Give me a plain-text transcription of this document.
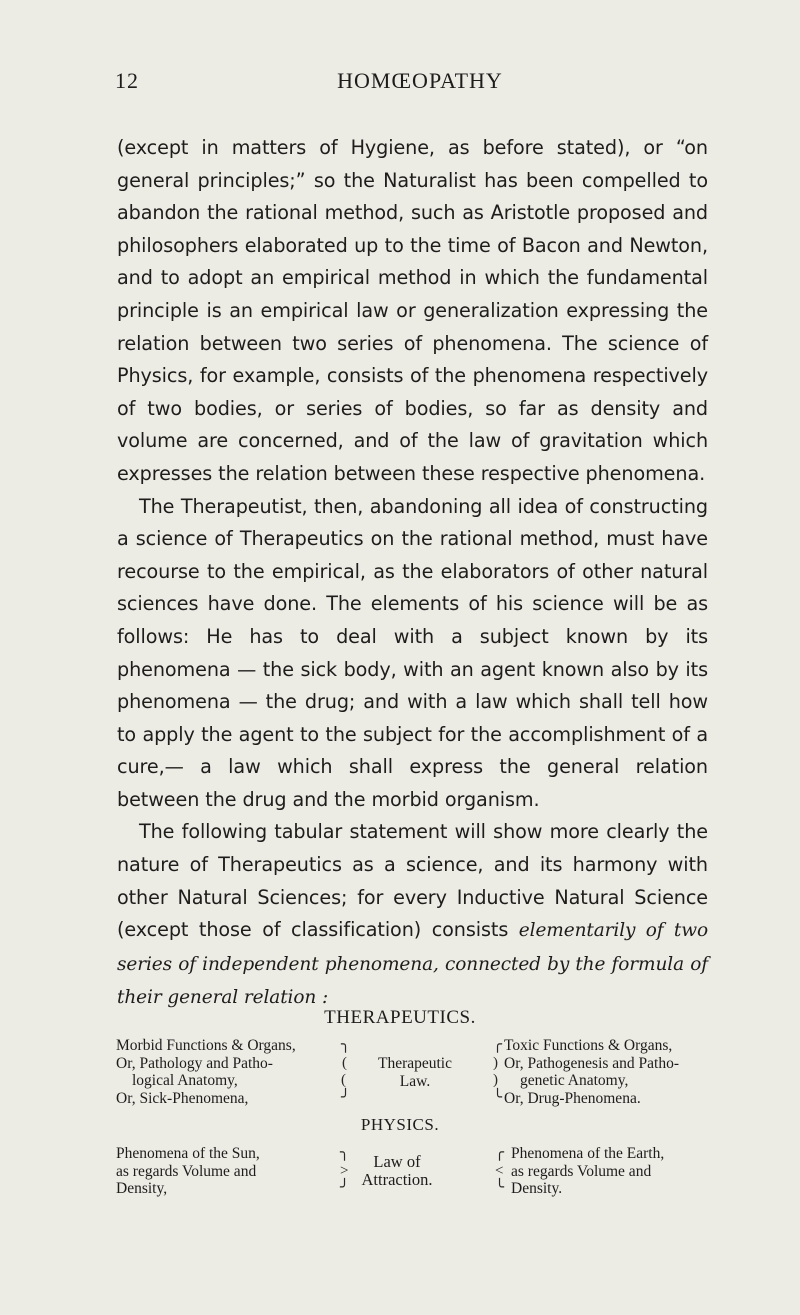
12	HOMŒOPATHY

(except in matters of Hygiene, as before stated), or “on general principles;” so the Naturalist has been compelled to abandon the rational method, such as Aristotle proposed and philosophers elaborated up to the time of Bacon and Newton, and to adopt an empirical method in which the fundamental principle is an empirical law or generalization expressing the relation between two series of phenomena. The science of Physics, for example, consists of the phenomena respectively of two bodies, or series of bodies, so far as density and volume are concerned, and of the law of gravitation which expresses the relation between these respective phenomena.

The Therapeutist, then, abandoning all idea of constructing a science of Therapeutics on the rational method, must have recourse to the empirical, as the elaborators of other natural sciences have done. The elements of his science will be as follows: He has to deal with a subject known by its phenomena — the sick body, with an agent known also by its phenomena — the drug; and with a law which shall tell how to apply the agent to the subject for the accomplishment of a cure,— a law which shall express the general relation between the drug and the morbid organism.

The following tabular statement will show more clearly the nature of Therapeutics as a science, and its harmony with other Natural Sciences; for every Inductive Natural Science (except those of classification) consists elementarily of two series of independent phenomena, connected by the formula of their general relation :

THERAPEUTICS.
Morbid Functions & Organs,
Or, Pathology and Patho-
logical Anatomy,
Or, Sick-Phenomena,
╮
(
(
╯
Therapeutic
Law.
╭
)
)
╰
Toxic Functions & Organs,
Or, Pathogenesis and Patho-
genetic Anatomy,
Or, Drug-Phenomena.
PHYSICS.
Phenomena of the Sun,
as regards Volume and
Density,
╮
>
╯
Law of
Attraction.
╭
<
╰
Phenomena of the Earth,
as regards Volume and
Density.
